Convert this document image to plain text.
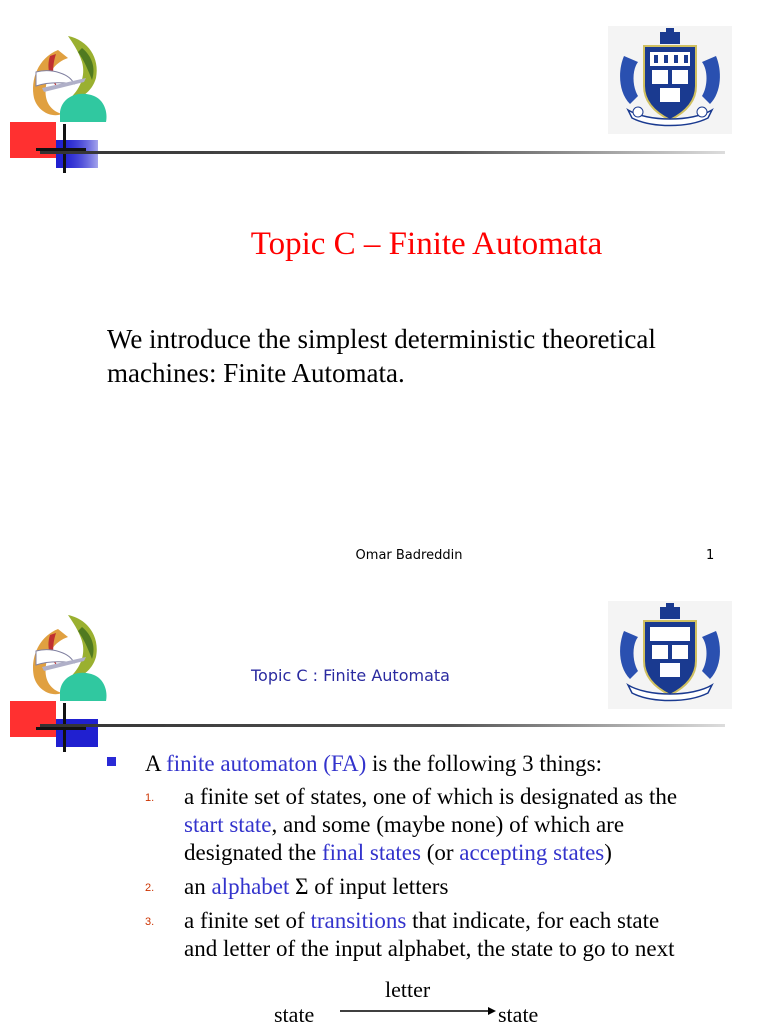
Topic C – Finite Automata
We introduce the simplest deterministic theoretical
machines: Finite Automata.
Omar Badreddin	1
Topic C : Finite Automata
A finite automaton (FA) is the following 3 things:
1. a finite set of states, one of which is designated as the
start state, and some (maybe none) of which are
designated the final states (or accepting states)
2. an alphabet Σ of input letters
3. a finite set of transitions that indicate, for each state
and letter of the input alphabet, the state to go to next
letter
state	state
